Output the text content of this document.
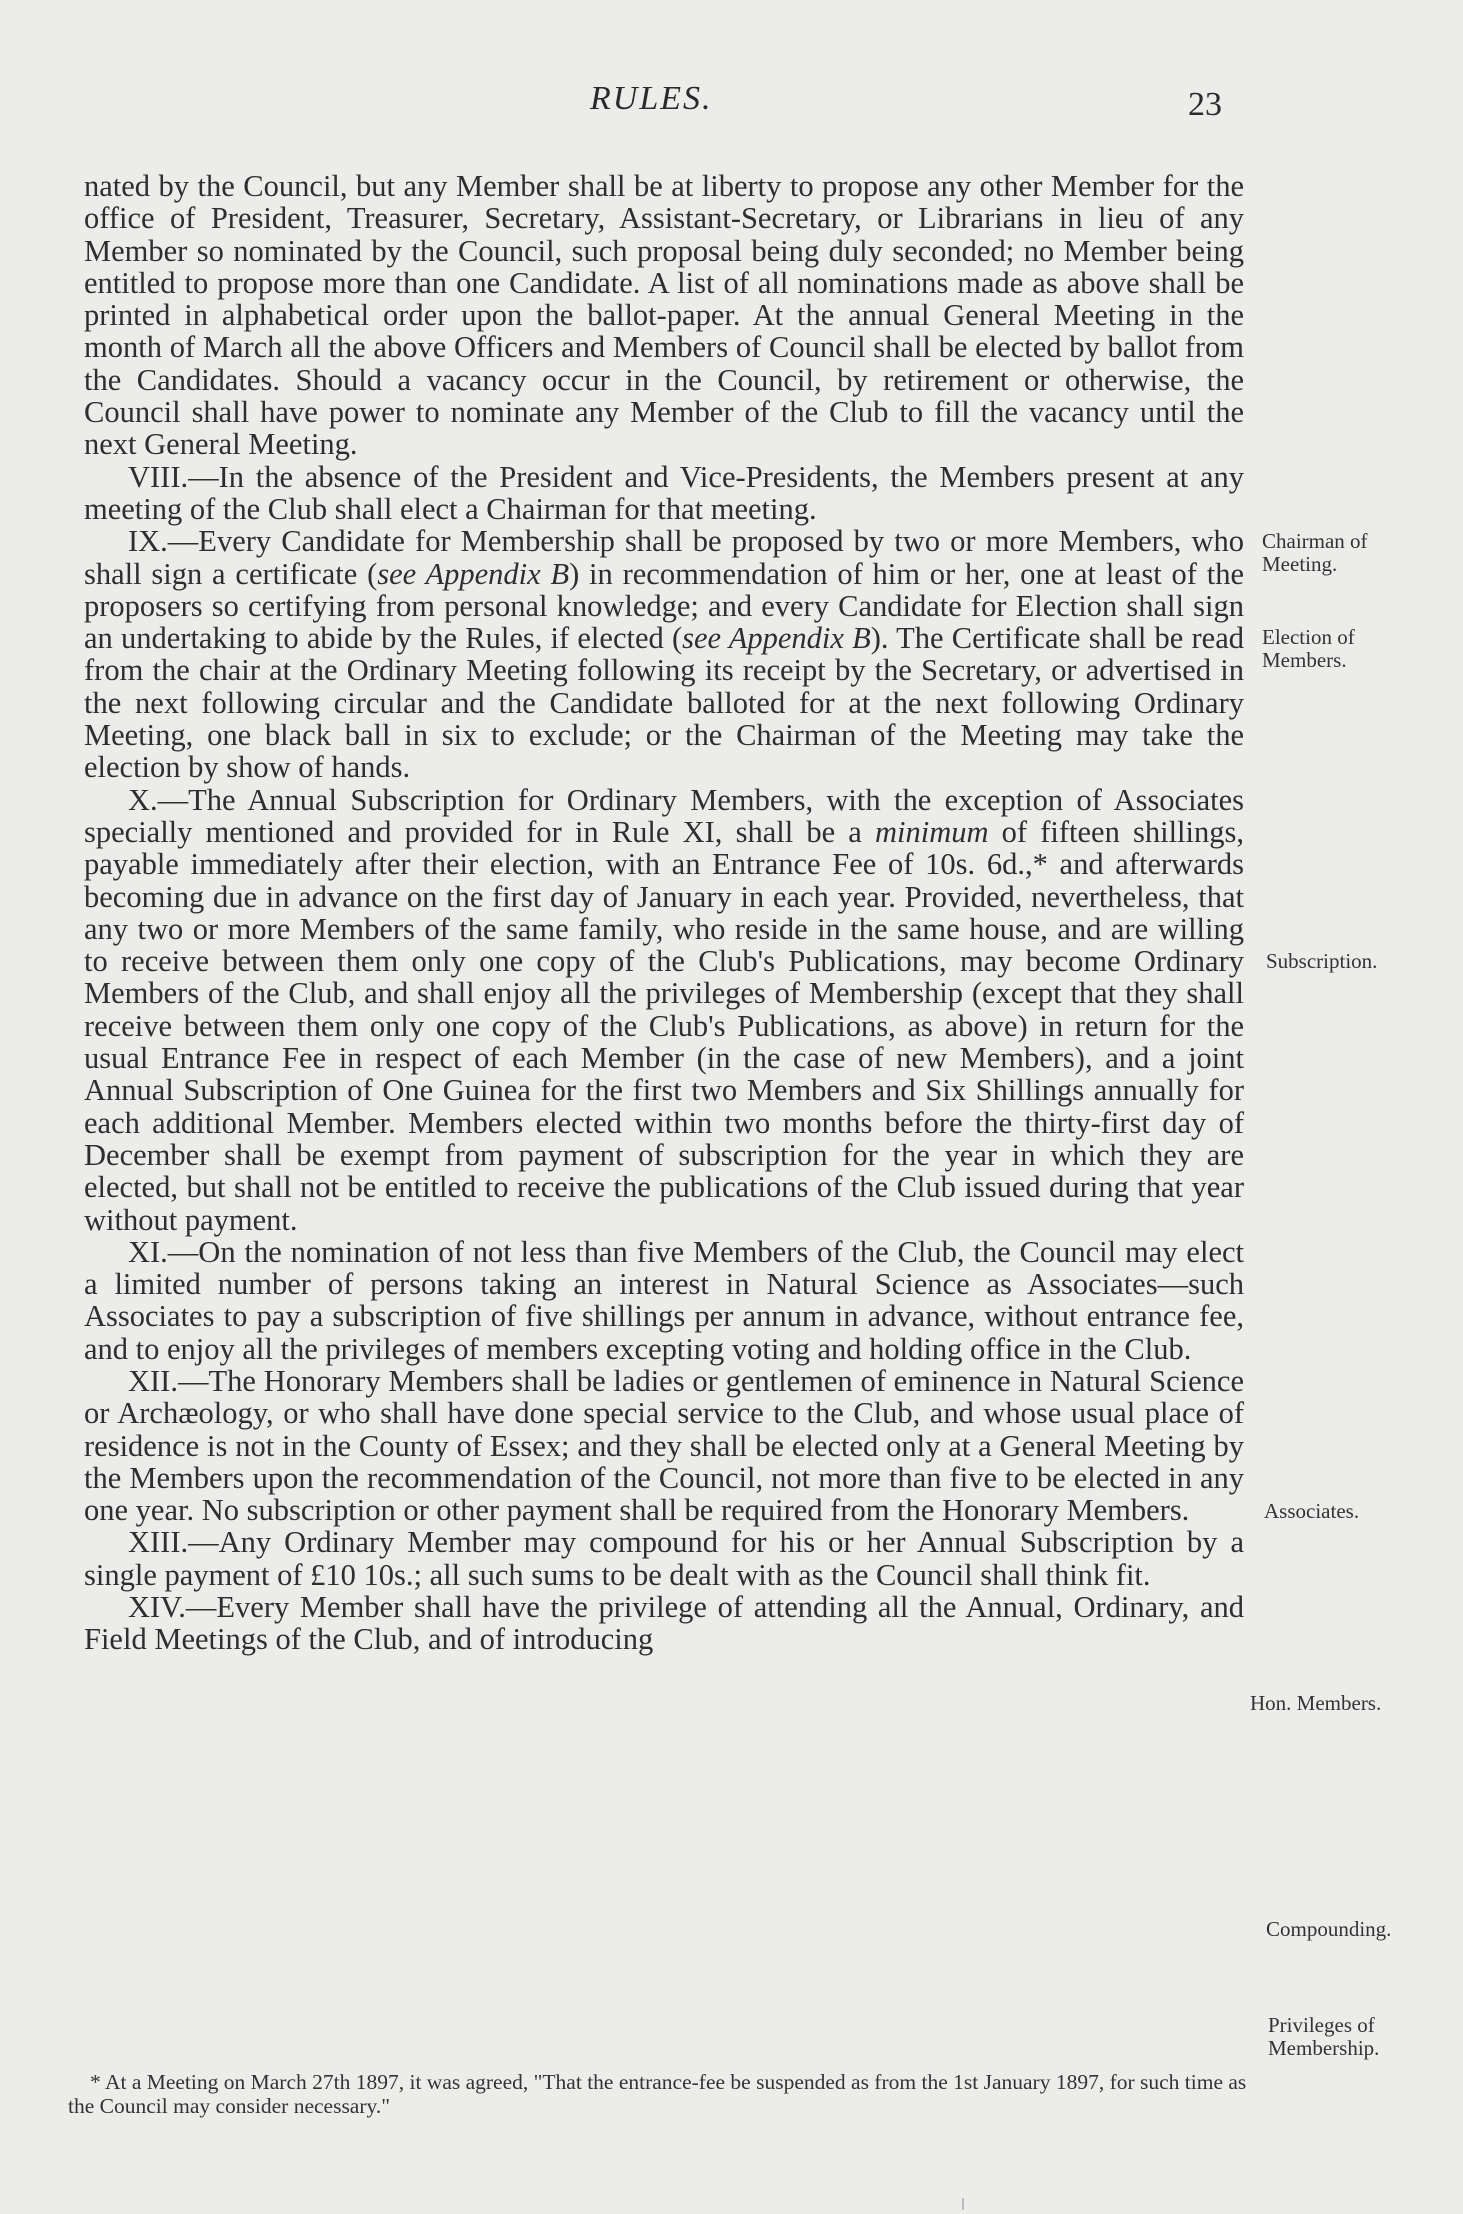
RULES.	23

nated by the Council, but any Member shall be at liberty to propose any other Member for the office of President, Treasurer, Secretary, Assistant-Secretary, or Librarians in lieu of any Member so nominated by the Council, such proposal being duly seconded; no Member being entitled to propose more than one Candidate. A list of all nominations made as above shall be printed in alphabetical order upon the ballot-paper. At the annual General Meeting in the month of March all the above Officers and Members of Council shall be elected by ballot from the Candidates. Should a vacancy occur in the Council, by retirement or otherwise, the Council shall have power to nominate any Member of the Club to fill the vacancy until the next General Meeting.

VIII.—In the absence of the President and Vice-Presidents, the Members present at any meeting of the Club shall elect a Chairman for that meeting.

IX.—Every Candidate for Membership shall be proposed by two or more Members, who shall sign a certificate (see Appendix B) in recommendation of him or her, one at least of the proposers so certifying from personal knowledge; and every Candidate for Election shall sign an undertaking to abide by the Rules, if elected (see Appendix B). The Certificate shall be read from the chair at the Ordinary Meeting following its receipt by the Secretary, or advertised in the next following circular and the Candidate balloted for at the next following Ordinary Meeting, one black ball in six to exclude; or the Chairman of the Meeting may take the election by show of hands.

X.—The Annual Subscription for Ordinary Members, with the exception of Associates specially mentioned and provided for in Rule XI, shall be a minimum of fifteen shillings, payable immediately after their election, with an Entrance Fee of 10s. 6d.,* and afterwards becoming due in advance on the first day of January in each year. Provided, nevertheless, that any two or more Members of the same family, who reside in the same house, and are willing to receive between them only one copy of the Club's Publications, may become Ordinary Members of the Club, and shall enjoy all the privileges of Membership (except that they shall receive between them only one copy of the Club's Publications, as above) in return for the usual Entrance Fee in respect of each Member (in the case of new Members), and a joint Annual Subscription of One Guinea for the first two Members and Six Shillings annually for each additional Member. Members elected within two months before the thirty-first day of December shall be exempt from payment of subscription for the year in which they are elected, but shall not be entitled to receive the publications of the Club issued during that year without payment.

XI.—On the nomination of not less than five Members of the Club, the Council may elect a limited number of persons taking an interest in Natural Science as Associates—such Associates to pay a subscription of five shillings per annum in advance, without entrance fee, and to enjoy all the privileges of members excepting voting and holding office in the Club.

XII.—The Honorary Members shall be ladies or gentlemen of eminence in Natural Science or Archæology, or who shall have done special service to the Club, and whose usual place of residence is not in the County of Essex; and they shall be elected only at a General Meeting by the Members upon the recommendation of the Council, not more than five to be elected in any one year. No subscription or other payment shall be required from the Honorary Members.

XIII.—Any Ordinary Member may compound for his or her Annual Subscription by a single payment of £10 10s.; all such sums to be dealt with as the Council shall think fit.

XIV.—Every Member shall have the privilege of attending all the Annual, Ordinary, and Field Meetings of the Club, and of introducing

Chairman of
Meeting.
Election of
Members.
Subscription.
Associates.
Hon. Members.
Compounding.
Privileges of
Membership.

* At a Meeting on March 27th 1897, it was agreed, "That the entrance-fee be suspended as from the 1st January 1897, for such time as the Council may consider necessary."
